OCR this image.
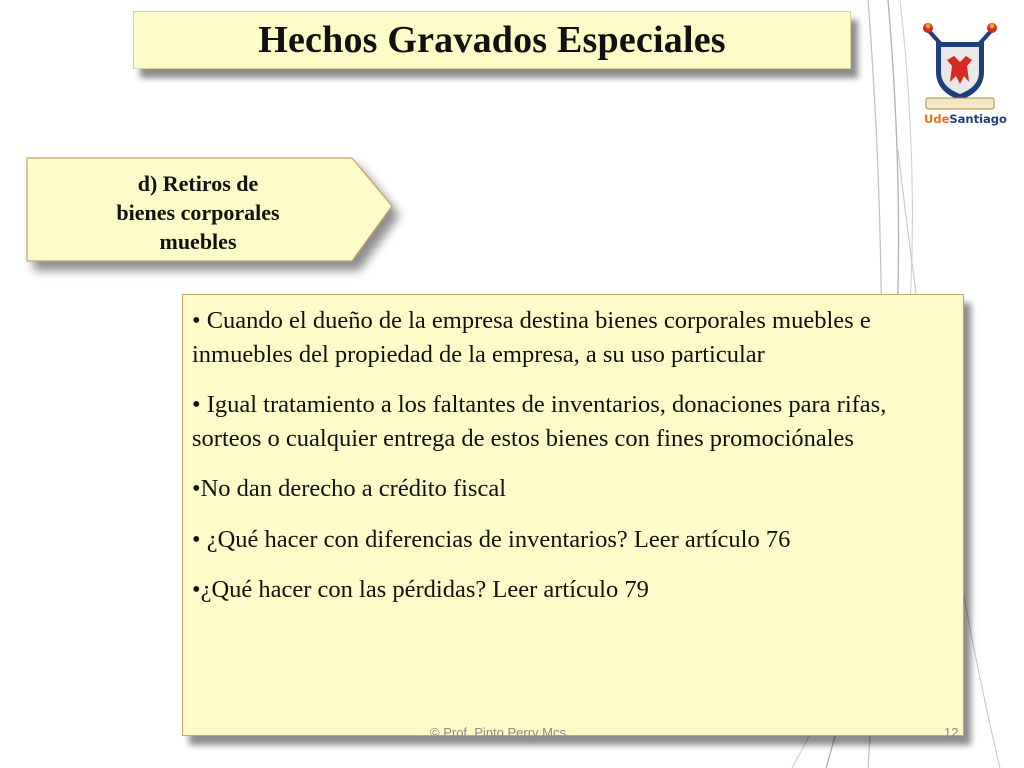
Hechos Gravados Especiales
d) Retiros de
bienes corporales
muebles
• Cuando el dueño de la empresa destina bienes corporales muebles e inmuebles del propiedad de la empresa, a su uso particular
• Igual tratamiento a los faltantes de inventarios, donaciones para rifas, sorteos o cualquier entrega de estos bienes con fines promociónales
•No dan derecho a crédito fiscal
• ¿Qué hacer con diferencias de inventarios? Leer artículo 76
•¿Qué hacer con las pérdidas? Leer artículo 79
UdeSantiago
© Prof. Pinto Perry Mcs.	12
